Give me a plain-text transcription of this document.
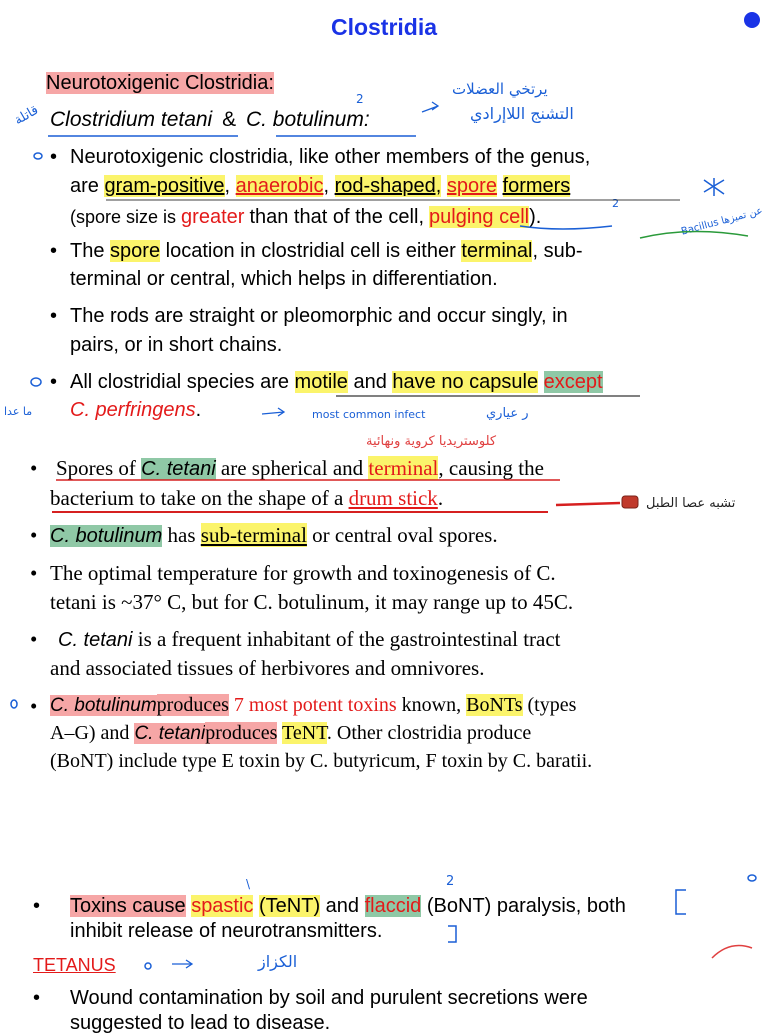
Clostridia
Neurotoxigenic Clostridia:
Clostridium tetani & C. botulinum:
• Neurotoxigenic clostridia, like other members of the genus,
are gram-positive, anaerobic, rod-shaped, spore formers
(spore size is greater than that of the cell, pulging cell).
• The spore location in clostridial cell is either terminal, sub-
terminal or central, which helps in differentiation.
• The rods are straight or pleomorphic and occur singly, in
pairs, or in short chains.
• All clostridial species are motile and have no capsule except
C. perfringens.
• Spores of C. tetani are spherical and terminal, causing the
bacterium to take on the shape of a drum stick.
• C. botulinum has sub-terminal or central oval spores.
• The optimal temperature for growth and toxinogenesis of C.
tetani is ~37° C, but for C. botulinum, it may range up to 45C.
• C. tetani is a frequent inhabitant of the gastrointestinal tract
and associated tissues of herbivores and omnivores.
• C. botulinumproduces 7 most potent toxins known, BoNTs (types
A–G) and C. tetaniproduces TeNT. Other clostridia produce
(BoNT) include type E toxin by C. butyricum, F toxin by C. baratii.
• Toxins cause spastic (TeNT) and flaccid (BoNT) paralysis, both
inhibit release of neurotransmitters.
TETANUS
• Wound contamination by soil and purulent secretions were
suggested to lead to disease.
يرتخي العضلات
التشنج اللاإرادي
قاتلة
Bacillus عن تميزها
ما عدا	most common infect	ر عياري
كلوستريديا كروية ونهائية
تشبه عصا الطبل
الكزاز
2
2
2
\
